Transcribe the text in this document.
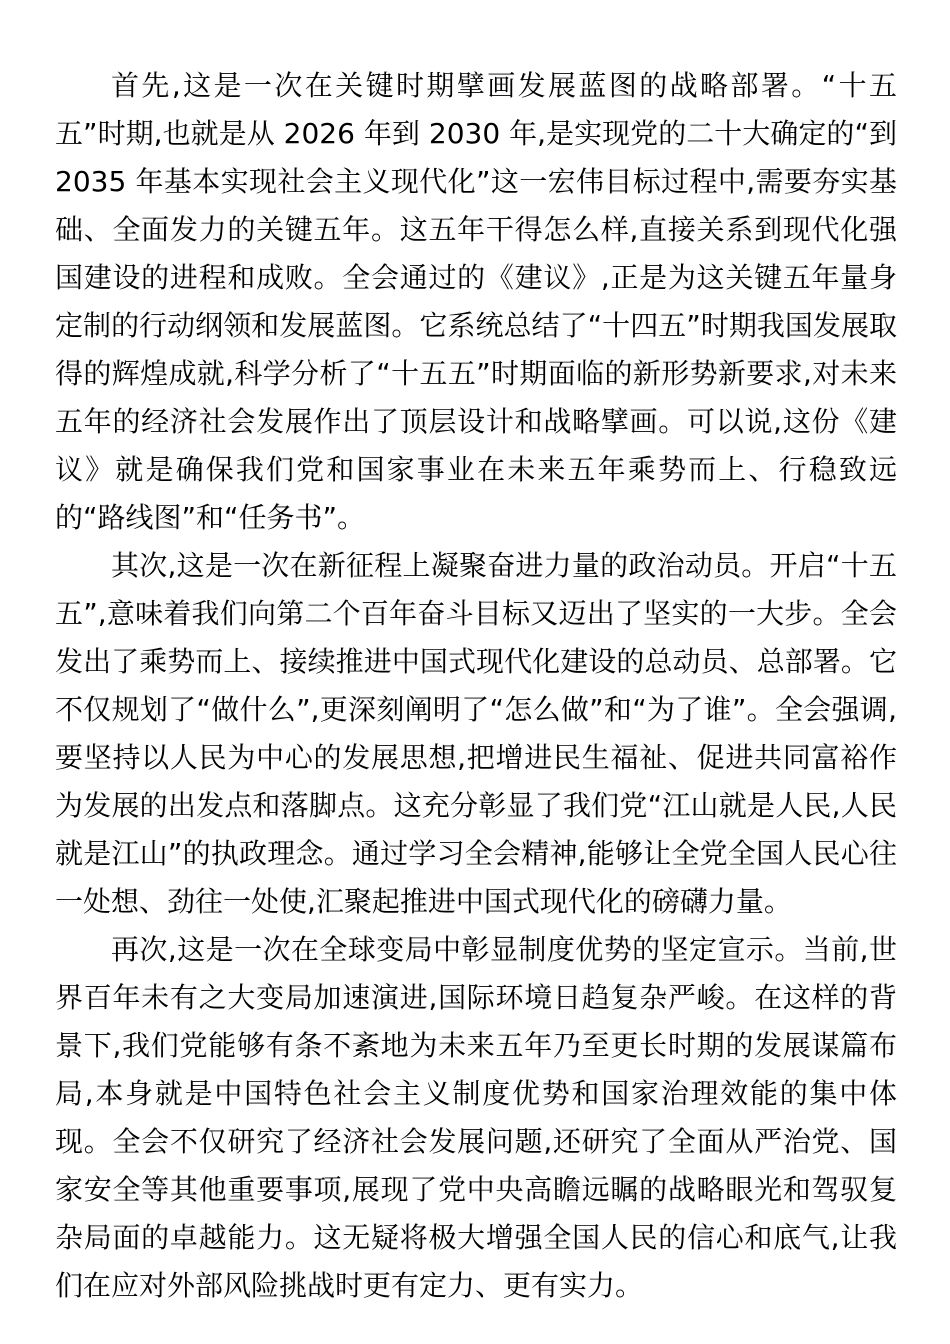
首先,这是一次在关键时期擘画发展蓝图的战略部署。“十五五”时期,也就是从 2026 年到 2030 年,是实现党的二十大确定的“到 2035 年基本实现社会主义现代化”这一宏伟目标过程中,需要夯实基础、全面发力的关键五年。这五年干得怎么样,直接关系到现代化强国建设的进程和成败。全会通过的《建议》,正是为这关键五年量身定制的行动纲领和发展蓝图。它系统总结了“十四五”时期我国发展取得的辉煌成就,科学分析了“十五五”时期面临的新形势新要求,对未来五年的经济社会发展作出了顶层设计和战略擘画。可以说,这份《建议》就是确保我们党和国家事业在未来五年乘势而上、行稳致远的“路线图”和“任务书”。

其次,这是一次在新征程上凝聚奋进力量的政治动员。开启“十五五”,意味着我们向第二个百年奋斗目标又迈出了坚实的一大步。全会发出了乘势而上、接续推进中国式现代化建设的总动员、总部署。它不仅规划了“做什么”,更深刻阐明了“怎么做”和“为了谁”。全会强调,要坚持以人民为中心的发展思想,把增进民生福祉、促进共同富裕作为发展的出发点和落脚点。这充分彰显了我们党“江山就是人民,人民就是江山”的执政理念。通过学习全会精神,能够让全党全国人民心往一处想、劲往一处使,汇聚起推进中国式现代化的磅礴力量。

再次,这是一次在全球变局中彰显制度优势的坚定宣示。当前,世界百年未有之大变局加速演进,国际环境日趋复杂严峻。在这样的背景下,我们党能够有条不紊地为未来五年乃至更长时期的发展谋篇布局,本身就是中国特色社会主义制度优势和国家治理效能的集中体现。全会不仅研究了经济社会发展问题,还研究了全面从严治党、国家安全等其他重要事项,展现了党中央高瞻远瞩的战略眼光和驾驭复杂局面的卓越能力。这无疑将极大增强全国人民的信心和底气,让我们在应对外部风险挑战时更有定力、更有实力。
